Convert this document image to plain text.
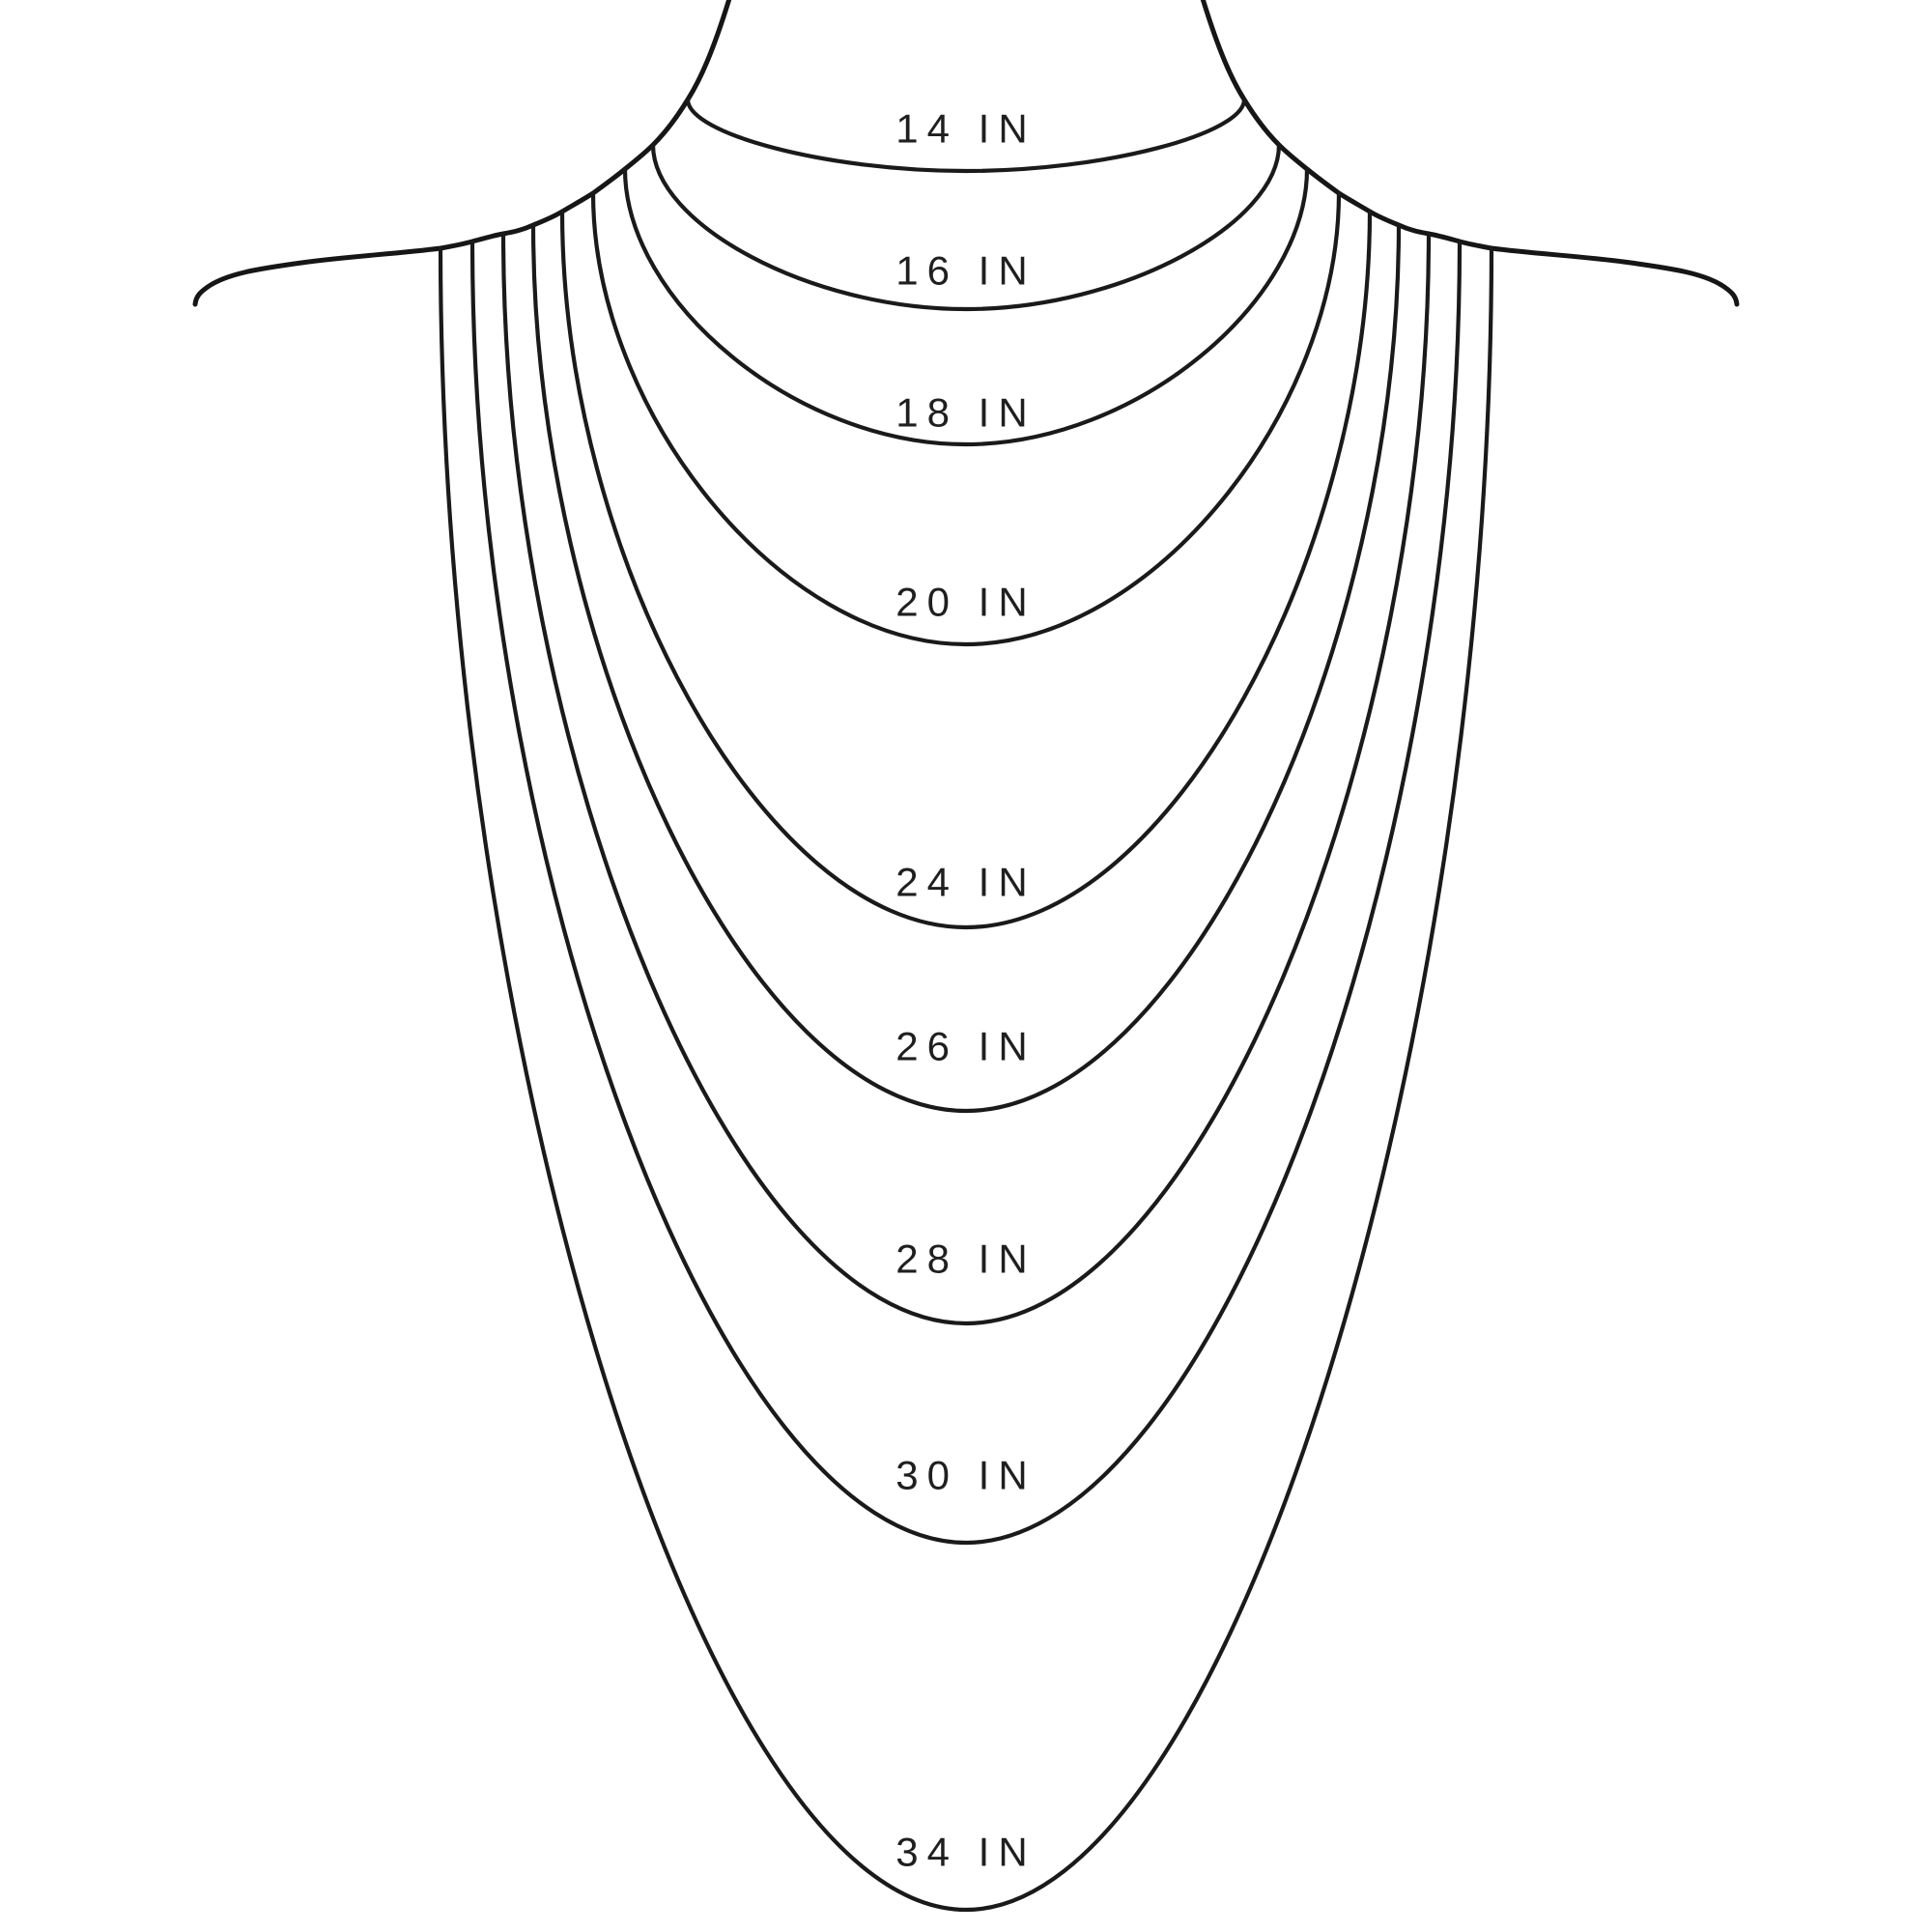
14 IN
16 IN
18 IN
20 IN
24 IN
26 IN
28 IN
30 IN
34 IN
